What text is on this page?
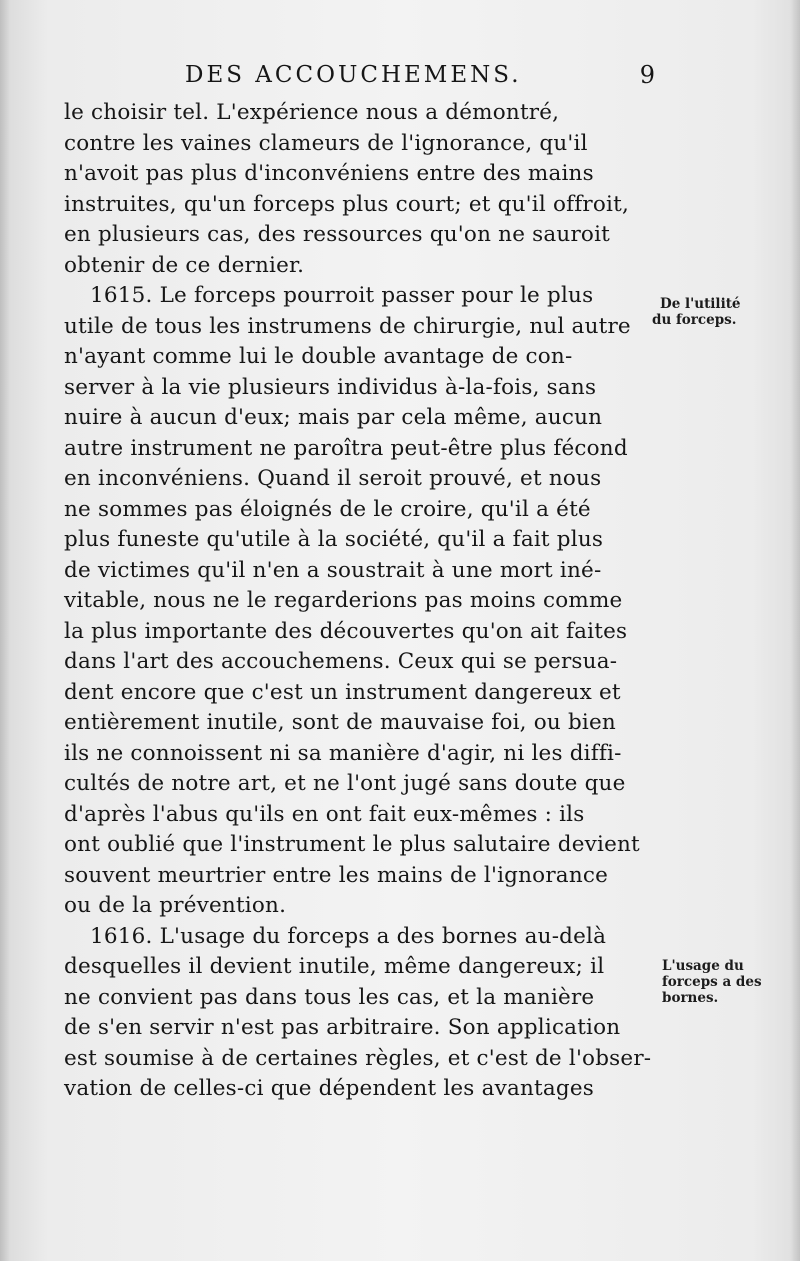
DES ACCOUCHEMENS.	9
le choisir tel. L'expérience nous a démontré,
contre les vaines clameurs de l'ignorance, qu'il
n'avoit pas plus d'inconvéniens entre des mains
instruites, qu'un forceps plus court; et qu'il offroit,
en plusieurs cas, des ressources qu'on ne sauroit
obtenir de ce dernier.
1615. Le forceps pourroit passer pour le plus
utile de tous les instrumens de chirurgie, nul autre
n'ayant comme lui le double avantage de con-
server à la vie plusieurs individus à-la-fois, sans
nuire à aucun d'eux; mais par cela même, aucun
autre instrument ne paroîtra peut-être plus fécond
en inconvéniens. Quand il seroit prouvé, et nous
ne sommes pas éloignés de le croire, qu'il a été
plus funeste qu'utile à la société, qu'il a fait plus
de victimes qu'il n'en a soustrait à une mort iné-
vitable, nous ne le regarderions pas moins comme
la plus importante des découvertes qu'on ait faites
dans l'art des accouchemens. Ceux qui se persua-
dent encore que c'est un instrument dangereux et
entièrement inutile, sont de mauvaise foi, ou bien
ils ne connoissent ni sa manière d'agir, ni les diffi-
cultés de notre art, et ne l'ont jugé sans doute que
d'après l'abus qu'ils en ont fait eux-mêmes : ils
ont oublié que l'instrument le plus salutaire devient
souvent meurtrier entre les mains de l'ignorance
ou de la prévention.
1616. L'usage du forceps a des bornes au-delà
desquelles il devient inutile, même dangereux; il
ne convient pas dans tous les cas, et la manière
de s'en servir n'est pas arbitraire. Son application
est soumise à de certaines règles, et c'est de l'obser-
vation de celles-ci que dépendent les avantages
De l'utilité
du forceps.
L'usage du
forceps a des
bornes.
